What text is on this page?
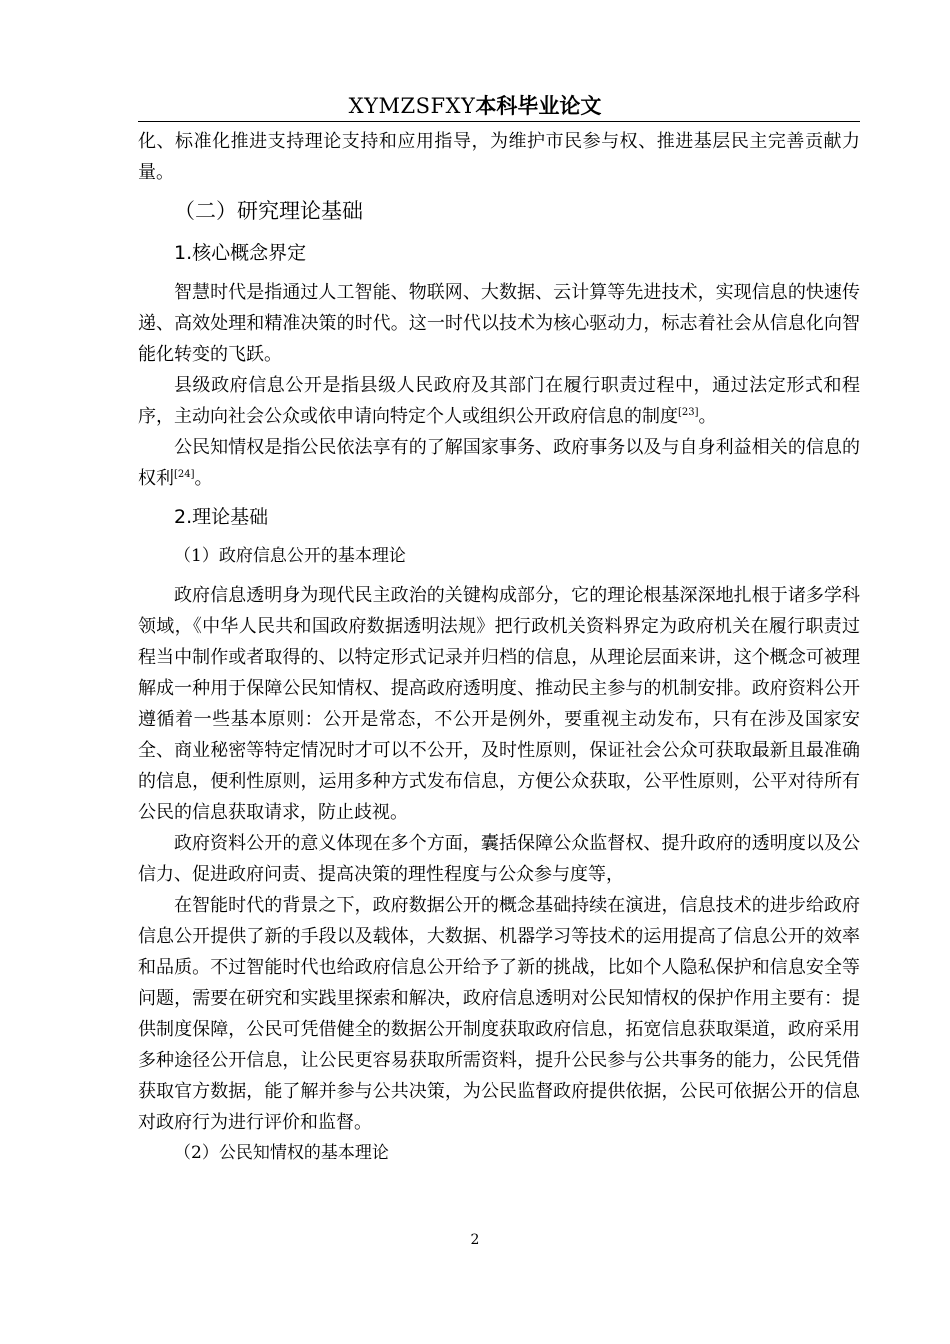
XYMZSFXY本科毕业论文

化、标准化推进支持理论支持和应用指导，为维护市民参与权、推进基层民主完善贡献力量。

（二）研究理论基础
1.核心概念界定

智慧时代是指通过人工智能、物联网、大数据、云计算等先进技术，实现信息的快速传递、高效处理和精准决策的时代。这一时代以技术为核心驱动力，标志着社会从信息化向智能化转变的飞跃。

县级政府信息公开是指县级人民政府及其部门在履行职责过程中，通过法定形式和程序，主动向社会公众或依申请向特定个人或组织公开政府信息的制度[23]。

公民知情权是指公民依法享有的了解国家事务、政府事务以及与自身利益相关的信息的权利[24]。

2.理论基础
（1）政府信息公开的基本理论

政府信息透明身为现代民主政治的关键构成部分，它的理论根基深深地扎根于诸多学科领域，《中华人民共和国政府数据透明法规》把行政机关资料界定为政府机关在履行职责过程当中制作或者取得的、以特定形式记录并归档的信息，从理论层面来讲，这个概念可被理解成一种用于保障公民知情权、提高政府透明度、推动民主参与的机制安排。政府资料公开遵循着一些基本原则：公开是常态，不公开是例外，要重视主动发布，只有在涉及国家安全、商业秘密等特定情况时才可以不公开，及时性原则，保证社会公众可获取最新且最准确的信息，便利性原则，运用多种方式发布信息，方便公众获取，公平性原则，公平对待所有公民的信息获取请求，防止歧视。

政府资料公开的意义体现在多个方面，囊括保障公众监督权、提升政府的透明度以及公信力、促进政府问责、提高决策的理性程度与公众参与度等，

在智能时代的背景之下，政府数据公开的概念基础持续在演进，信息技术的进步给政府信息公开提供了新的手段以及载体，大数据、机器学习等技术的运用提高了信息公开的效率和品质。不过智能时代也给政府信息公开给予了新的挑战，比如个人隐私保护和信息安全等问题，需要在研究和实践里探索和解决，政府信息透明对公民知情权的保护作用主要有：提供制度保障，公民可凭借健全的数据公开制度获取政府信息，拓宽信息获取渠道，政府采用多种途径公开信息，让公民更容易获取所需资料，提升公民参与公共事务的能力，公民凭借获取官方数据，能了解并参与公共决策，为公民监督政府提供依据，公民可依据公开的信息对政府行为进行评价和监督。

（2）公民知情权的基本理论
2
